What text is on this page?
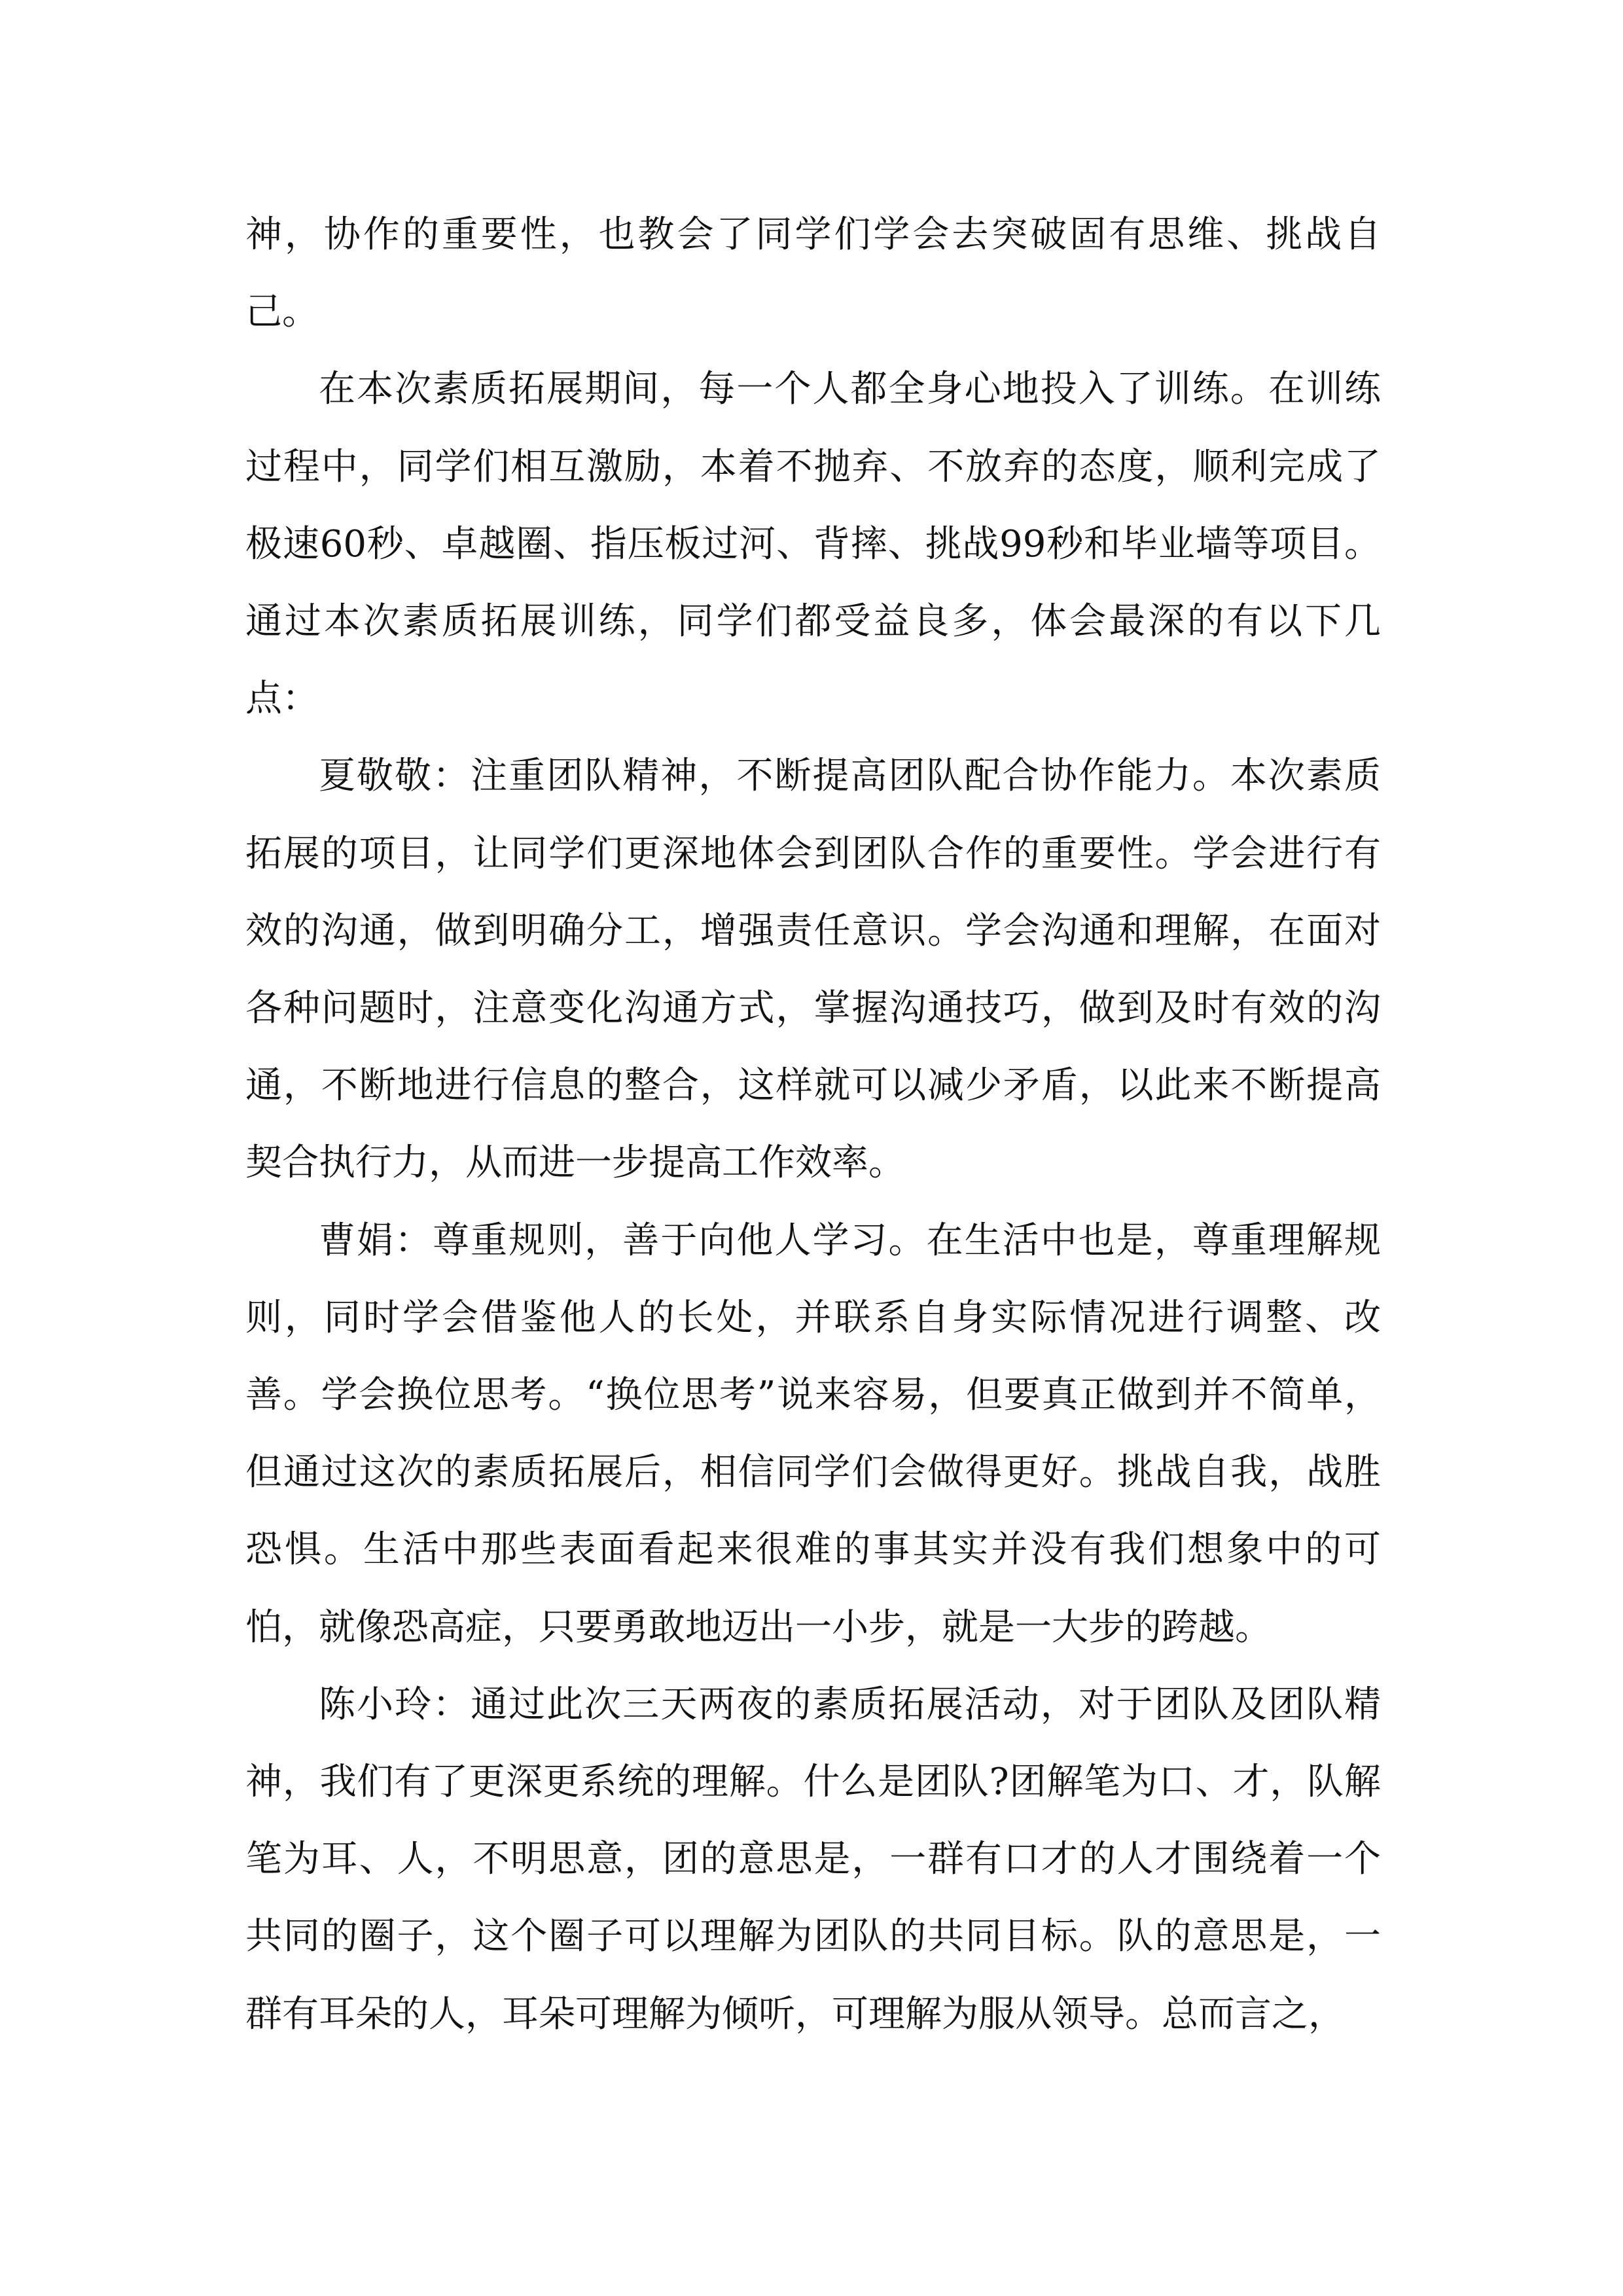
神，协作的重要性，也教会了同学们学会去突破固有思维、挑战自己。

在本次素质拓展期间，每一个人都全身心地投入了训练。在训练过程中，同学们相互激励，本着不抛弃、不放弃的态度，顺利完成了极速60秒、卓越圈、指压板过河、背摔、挑战99秒和毕业墙等项目。通过本次素质拓展训练，同学们都受益良多，体会最深的有以下几点：

夏敬敬：注重团队精神，不断提高团队配合协作能力。本次素质拓展的项目，让同学们更深地体会到团队合作的重要性。学会进行有效的沟通，做到明确分工，增强责任意识。学会沟通和理解，在面对各种问题时，注意变化沟通方式，掌握沟通技巧，做到及时有效的沟通，不断地进行信息的整合，这样就可以减少矛盾，以此来不断提高契合执行力，从而进一步提高工作效率。

曹娟：尊重规则，善于向他人学习。在生活中也是，尊重理解规则，同时学会借鉴他人的长处，并联系自身实际情况进行调整、改善。学会换位思考。“换位思考”说来容易，但要真正做到并不简单，但通过这次的素质拓展后，相信同学们会做得更好。挑战自我，战胜恐惧。生活中那些表面看起来很难的事其实并没有我们想象中的可怕，就像恐高症，只要勇敢地迈出一小步，就是一大步的跨越。

陈小玲：通过此次三天两夜的素质拓展活动，对于团队及团队精神，我们有了更深更系统的理解。什么是团队?团解笔为口、才，队解笔为耳、人，不明思意，团的意思是，一群有口才的人才围绕着一个共同的圈子，这个圈子可以理解为团队的共同目标。队的意思是，一群有耳朵的人，耳朵可理解为倾听，可理解为服从领导。总而言之，
